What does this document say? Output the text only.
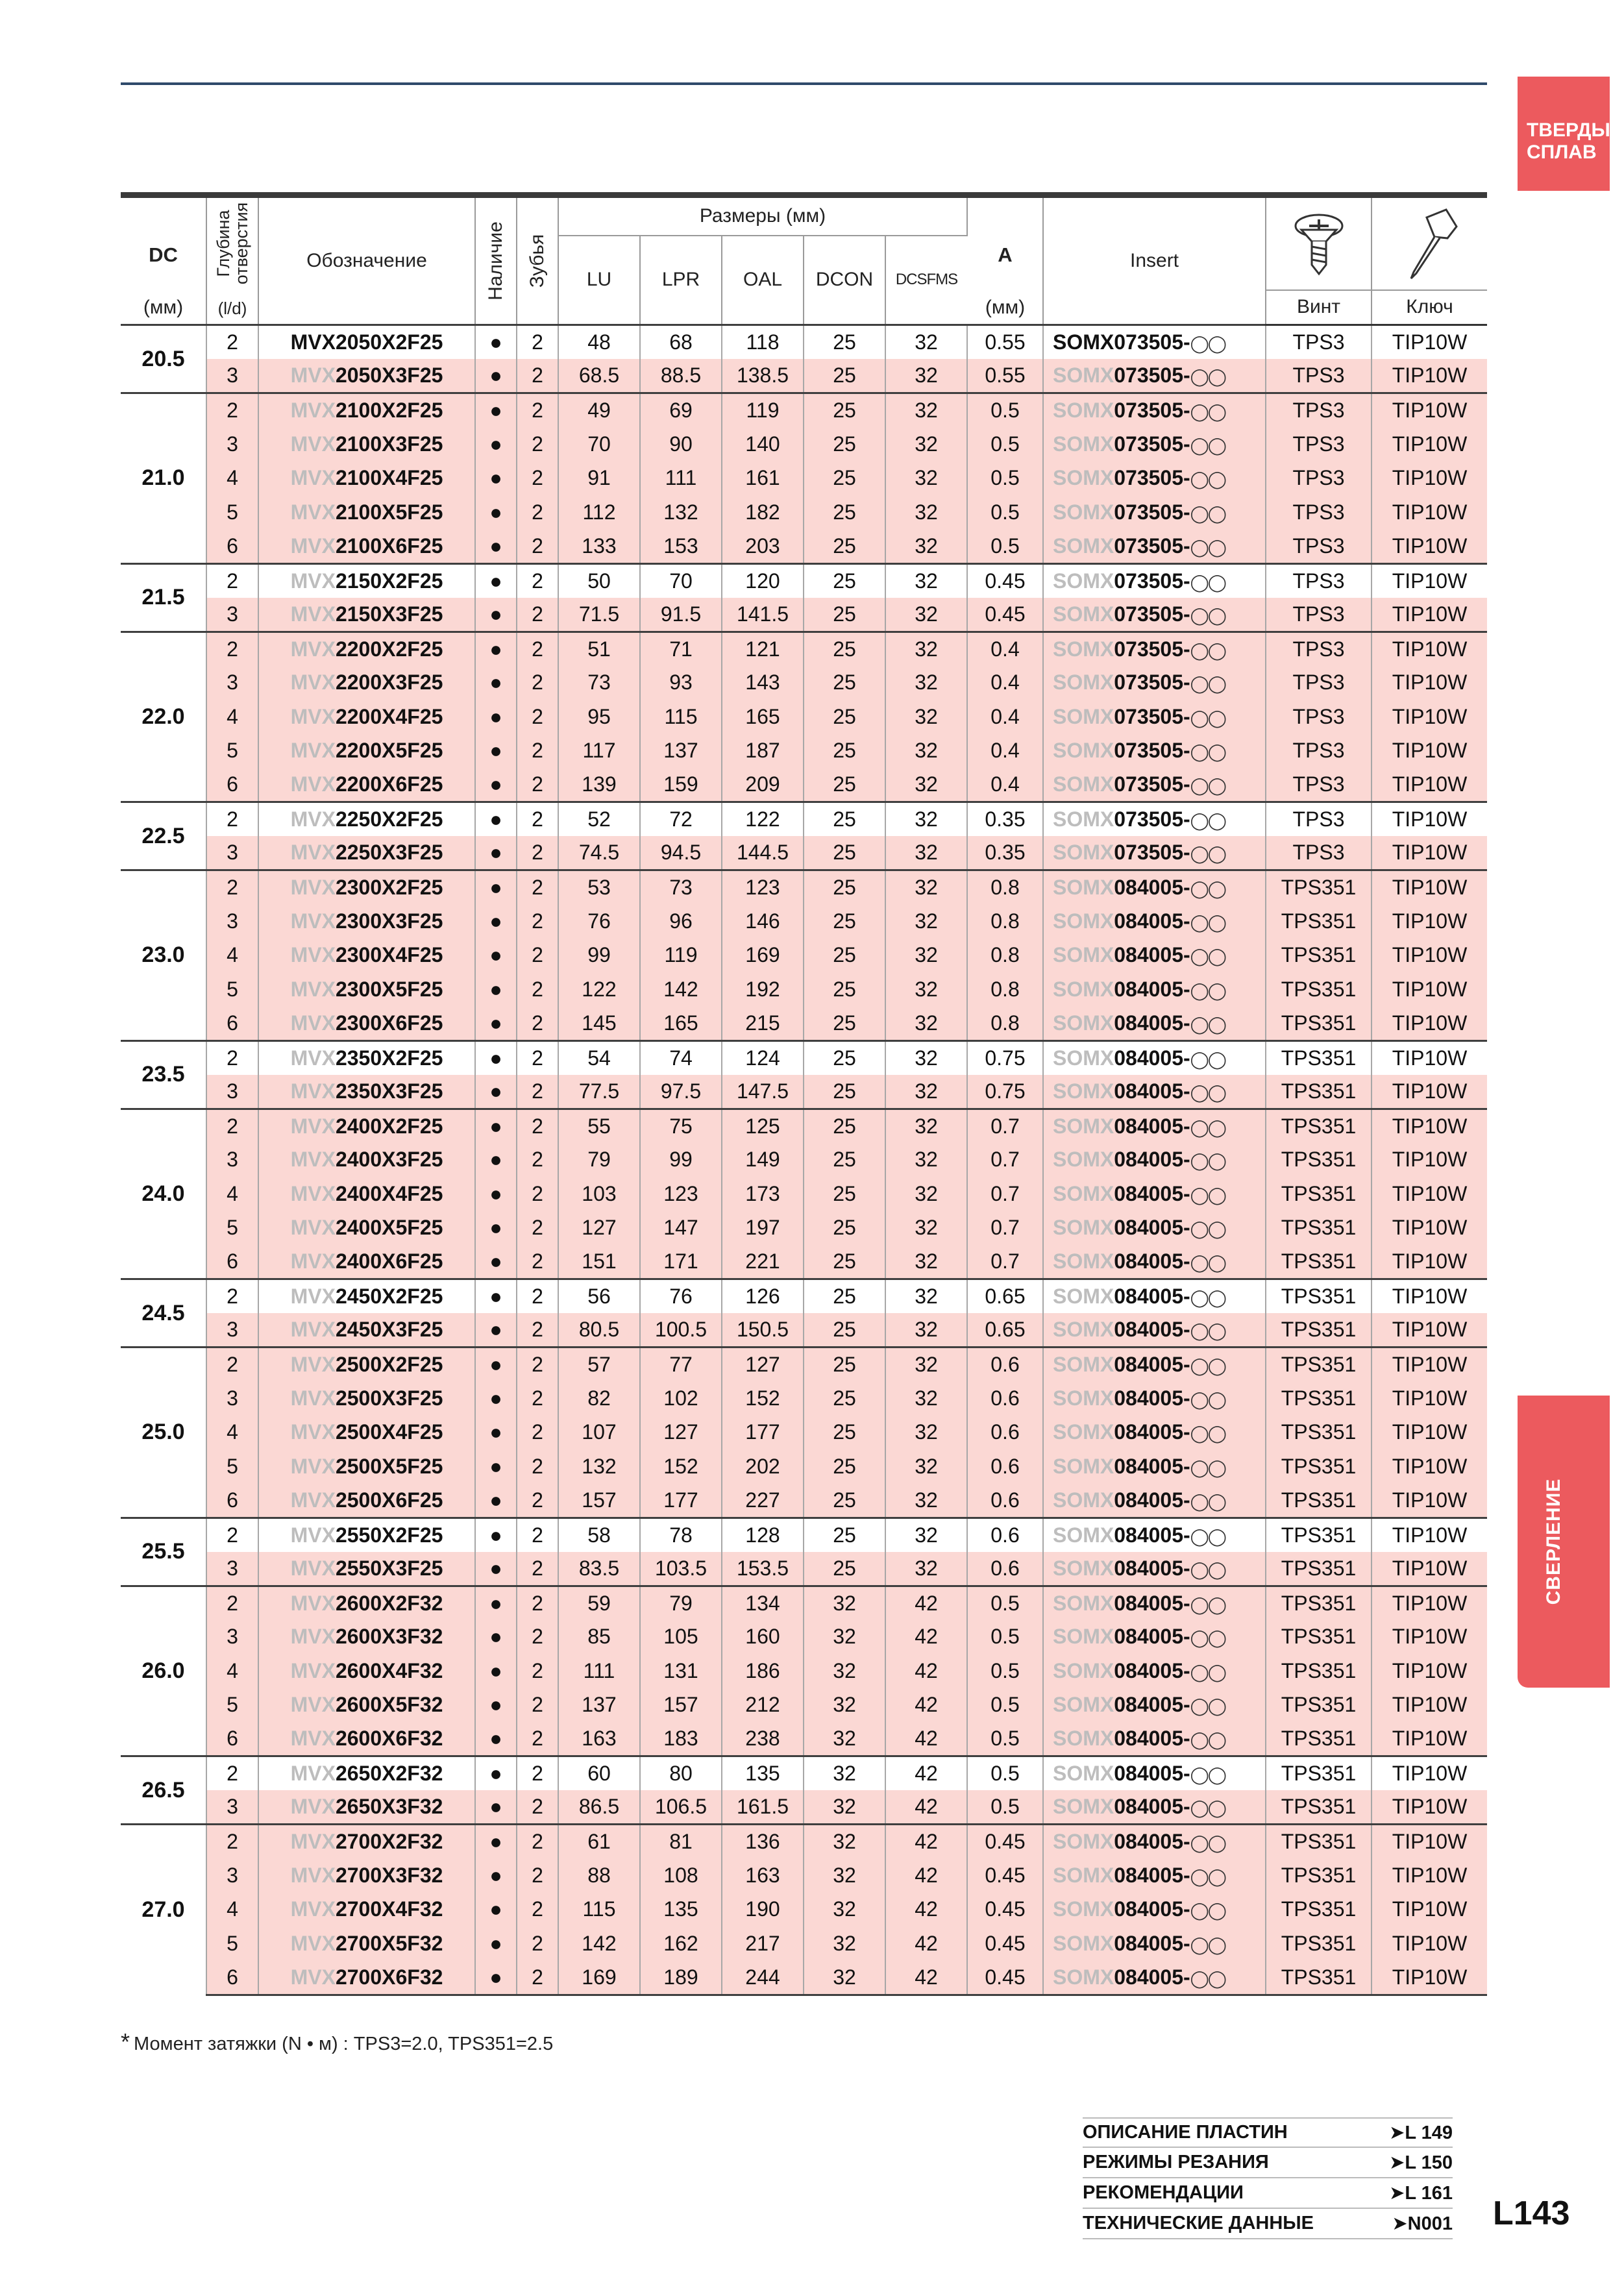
ТВЕРДЫЙ СПЛАВ
СВЕРЛЕНИЕ
DC
(мм)	Глубина отверстия
(l/d)	Обозначение	Наличие	Зубья	Размеры (мм)					A
(мм)	Insert	

					LU	LPR	OAL	DCON	DCSFMS				
												Винт	Ключ
20.5	2	MVX2050X2F25	●	2	48	68	118	25	32	0.55	SOMX073505-◯◯	TPS3	TIP10W
	3	MVX2050X3F25	●	2	68.5	88.5	138.5	25	32	0.55	SOMX073505-◯◯	TPS3	TIP10W
21.0	2	MVX2100X2F25	●	2	49	69	119	25	32	0.5	SOMX073505-◯◯	TPS3	TIP10W
	3	MVX2100X3F25	●	2	70	90	140	25	32	0.5	SOMX073505-◯◯	TPS3	TIP10W
	4	MVX2100X4F25	●	2	91	111	161	25	32	0.5	SOMX073505-◯◯	TPS3	TIP10W
	5	MVX2100X5F25	●	2	112	132	182	25	32	0.5	SOMX073505-◯◯	TPS3	TIP10W
	6	MVX2100X6F25	●	2	133	153	203	25	32	0.5	SOMX073505-◯◯	TPS3	TIP10W
21.5	2	MVX2150X2F25	●	2	50	70	120	25	32	0.45	SOMX073505-◯◯	TPS3	TIP10W
	3	MVX2150X3F25	●	2	71.5	91.5	141.5	25	32	0.45	SOMX073505-◯◯	TPS3	TIP10W
22.0	2	MVX2200X2F25	●	2	51	71	121	25	32	0.4	SOMX073505-◯◯	TPS3	TIP10W
	3	MVX2200X3F25	●	2	73	93	143	25	32	0.4	SOMX073505-◯◯	TPS3	TIP10W
	4	MVX2200X4F25	●	2	95	115	165	25	32	0.4	SOMX073505-◯◯	TPS3	TIP10W
	5	MVX2200X5F25	●	2	117	137	187	25	32	0.4	SOMX073505-◯◯	TPS3	TIP10W
	6	MVX2200X6F25	●	2	139	159	209	25	32	0.4	SOMX073505-◯◯	TPS3	TIP10W
22.5	2	MVX2250X2F25	●	2	52	72	122	25	32	0.35	SOMX073505-◯◯	TPS3	TIP10W
	3	MVX2250X3F25	●	2	74.5	94.5	144.5	25	32	0.35	SOMX073505-◯◯	TPS3	TIP10W
23.0	2	MVX2300X2F25	●	2	53	73	123	25	32	0.8	SOMX084005-◯◯	TPS351	TIP10W
	3	MVX2300X3F25	●	2	76	96	146	25	32	0.8	SOMX084005-◯◯	TPS351	TIP10W
	4	MVX2300X4F25	●	2	99	119	169	25	32	0.8	SOMX084005-◯◯	TPS351	TIP10W
	5	MVX2300X5F25	●	2	122	142	192	25	32	0.8	SOMX084005-◯◯	TPS351	TIP10W
	6	MVX2300X6F25	●	2	145	165	215	25	32	0.8	SOMX084005-◯◯	TPS351	TIP10W
23.5	2	MVX2350X2F25	●	2	54	74	124	25	32	0.75	SOMX084005-◯◯	TPS351	TIP10W
	3	MVX2350X3F25	●	2	77.5	97.5	147.5	25	32	0.75	SOMX084005-◯◯	TPS351	TIP10W
24.0	2	MVX2400X2F25	●	2	55	75	125	25	32	0.7	SOMX084005-◯◯	TPS351	TIP10W
	3	MVX2400X3F25	●	2	79	99	149	25	32	0.7	SOMX084005-◯◯	TPS351	TIP10W
	4	MVX2400X4F25	●	2	103	123	173	25	32	0.7	SOMX084005-◯◯	TPS351	TIP10W
	5	MVX2400X5F25	●	2	127	147	197	25	32	0.7	SOMX084005-◯◯	TPS351	TIP10W
	6	MVX2400X6F25	●	2	151	171	221	25	32	0.7	SOMX084005-◯◯	TPS351	TIP10W
24.5	2	MVX2450X2F25	●	2	56	76	126	25	32	0.65	SOMX084005-◯◯	TPS351	TIP10W
	3	MVX2450X3F25	●	2	80.5	100.5	150.5	25	32	0.65	SOMX084005-◯◯	TPS351	TIP10W
25.0	2	MVX2500X2F25	●	2	57	77	127	25	32	0.6	SOMX084005-◯◯	TPS351	TIP10W
	3	MVX2500X3F25	●	2	82	102	152	25	32	0.6	SOMX084005-◯◯	TPS351	TIP10W
	4	MVX2500X4F25	●	2	107	127	177	25	32	0.6	SOMX084005-◯◯	TPS351	TIP10W
	5	MVX2500X5F25	●	2	132	152	202	25	32	0.6	SOMX084005-◯◯	TPS351	TIP10W
	6	MVX2500X6F25	●	2	157	177	227	25	32	0.6	SOMX084005-◯◯	TPS351	TIP10W
25.5	2	MVX2550X2F25	●	2	58	78	128	25	32	0.6	SOMX084005-◯◯	TPS351	TIP10W
	3	MVX2550X3F25	●	2	83.5	103.5	153.5	25	32	0.6	SOMX084005-◯◯	TPS351	TIP10W
26.0	2	MVX2600X2F32	●	2	59	79	134	32	42	0.5	SOMX084005-◯◯	TPS351	TIP10W
	3	MVX2600X3F32	●	2	85	105	160	32	42	0.5	SOMX084005-◯◯	TPS351	TIP10W
	4	MVX2600X4F32	●	2	111	131	186	32	42	0.5	SOMX084005-◯◯	TPS351	TIP10W
	5	MVX2600X5F32	●	2	137	157	212	32	42	0.5	SOMX084005-◯◯	TPS351	TIP10W
	6	MVX2600X6F32	●	2	163	183	238	32	42	0.5	SOMX084005-◯◯	TPS351	TIP10W
26.5	2	MVX2650X2F32	●	2	60	80	135	32	42	0.5	SOMX084005-◯◯	TPS351	TIP10W
	3	MVX2650X3F32	●	2	86.5	106.5	161.5	32	42	0.5	SOMX084005-◯◯	TPS351	TIP10W
27.0	2	MVX2700X2F32	●	2	61	81	136	32	42	0.45	SOMX084005-◯◯	TPS351	TIP10W
	3	MVX2700X3F32	●	2	88	108	163	32	42	0.45	SOMX084005-◯◯	TPS351	TIP10W
	4	MVX2700X4F32	●	2	115	135	190	32	42	0.45	SOMX084005-◯◯	TPS351	TIP10W
	5	MVX2700X5F32	●	2	142	162	217	32	42	0.45	SOMX084005-◯◯	TPS351	TIP10W
	6	MVX2700X6F32	●	2	169	189	244	32	42	0.45	SOMX084005-◯◯	TPS351	TIP10W
* Момент затяжки (N • м) : TPS3=2.0, TPS351=2.5
ОПИСАНИЕ ПЛАСТИН	➤L 149
РЕЖИМЫ РЕЗАНИЯ	➤L 150
РЕКОМЕНДАЦИИ	➤L 161
ТЕХНИЧЕСКИЕ ДАННЫЕ	➤N001 L143
